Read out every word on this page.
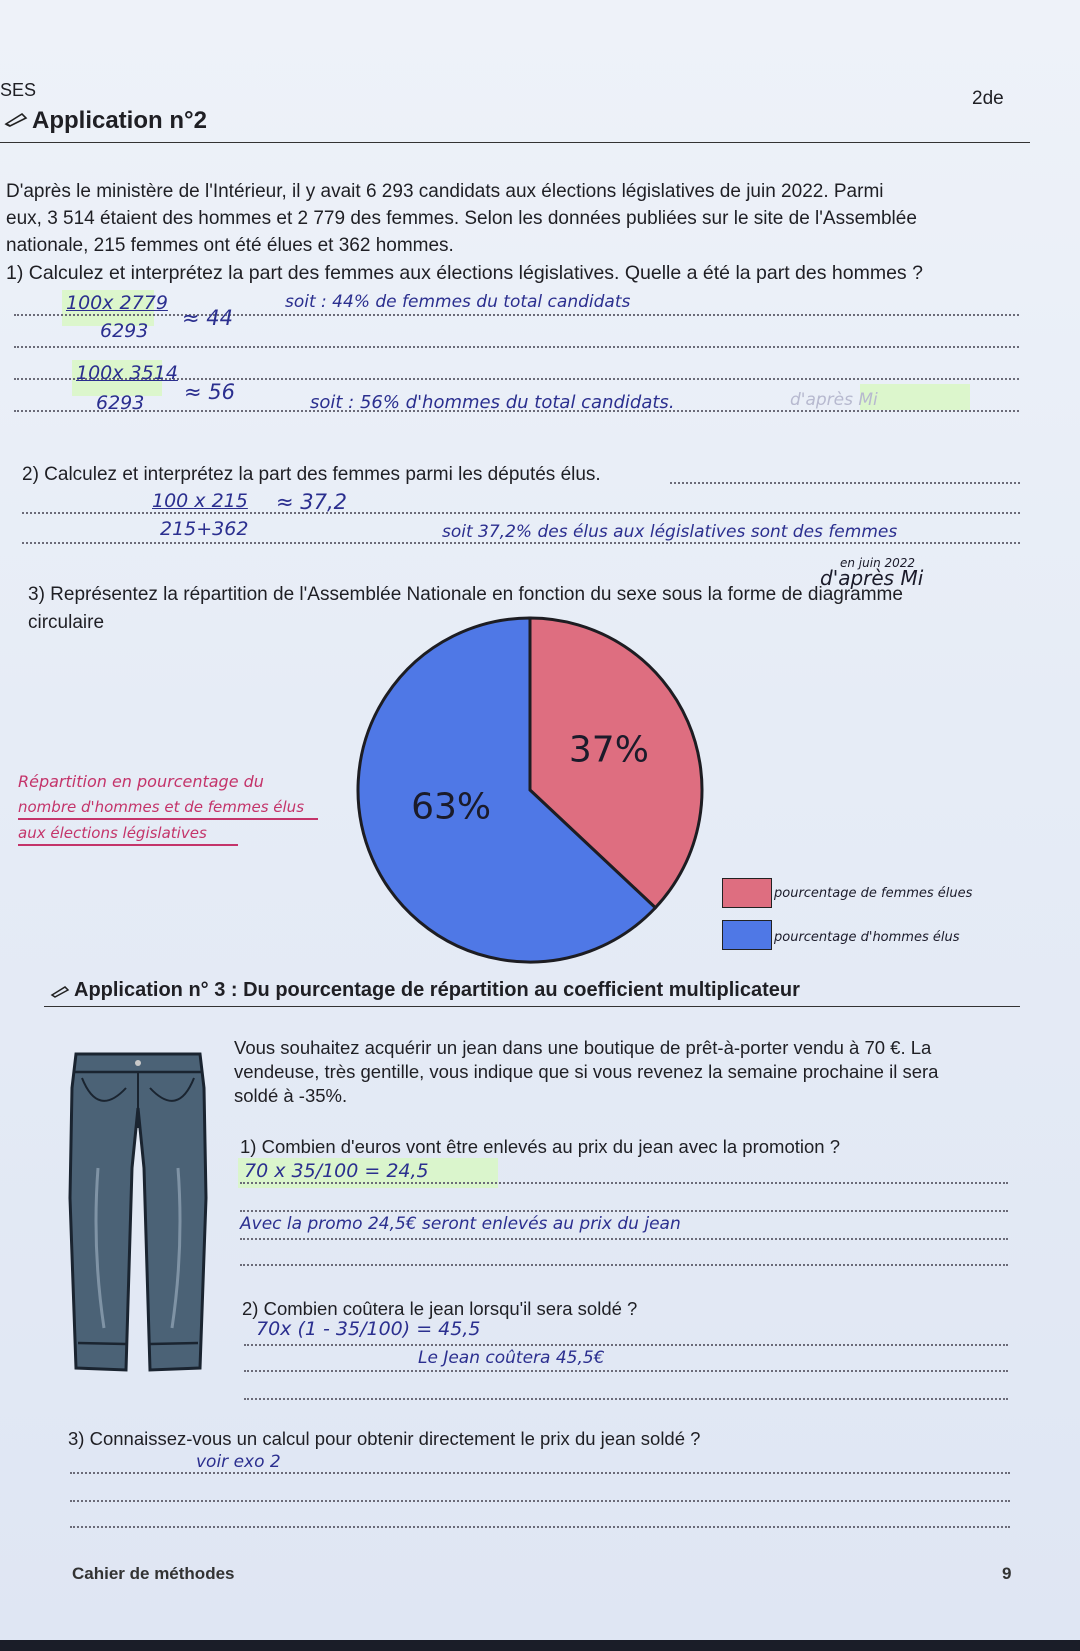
SES	2de
Application n°2
D'après le ministère de l'Intérieur, il y avait 6 293 candidats aux élections législatives de juin 2022. Parmi
eux, 3 514 étaient des hommes et 2 779 des femmes. Selon les données publiées sur le site de l'Assemblée
nationale, 215 femmes ont été élues et 362 hommes.
1) Calculez et interprétez la part des femmes aux élections législatives. Quelle a été la part des hommes ?
100x 2779
6293
≈ 44
soit : 44% de femmes du total candidats
100x 3514
6293 ≈ 56	soit : 56% d'hommes du total candidats.	d'après Mi
2) Calculez et interprétez la part des femmes parmi les députés élus.
100 x 215
215+362
≈ 37,2
soit 37,2% des élus aux législatives sont des femmes
en juin 2022
d'après Mi
3) Représentez la répartition de l'Assemblée Nationale en fonction du sexe sous la forme de diagramme
circulaire
37%
63%
Répartition en pourcentage du
nombre d'hommes et de femmes élus
aux élections législatives
pourcentage de femmes élues
pourcentage d'hommes élus
Application n° 3 : Du pourcentage de répartition au coefficient multiplicateur
Vous souhaitez acquérir un jean dans une boutique de prêt-à-porter vendu à 70 €. La
vendeuse, très gentille, vous indique que si vous revenez la semaine prochaine il sera
soldé à -35%.
1) Combien d'euros vont être enlevés au prix du jean avec la promotion ?
70 x 35/100 = 24,5
Avec la promo 24,5€ seront enlevés au prix du jean
2) Combien coûtera le jean lorsqu'il sera soldé ?
70x (1 - 35/100) = 45,5
Le Jean coûtera 45,5€
3) Connaissez-vous un calcul pour obtenir directement le prix du jean soldé ?
voir exo 2
Cahier de méthodes	9
